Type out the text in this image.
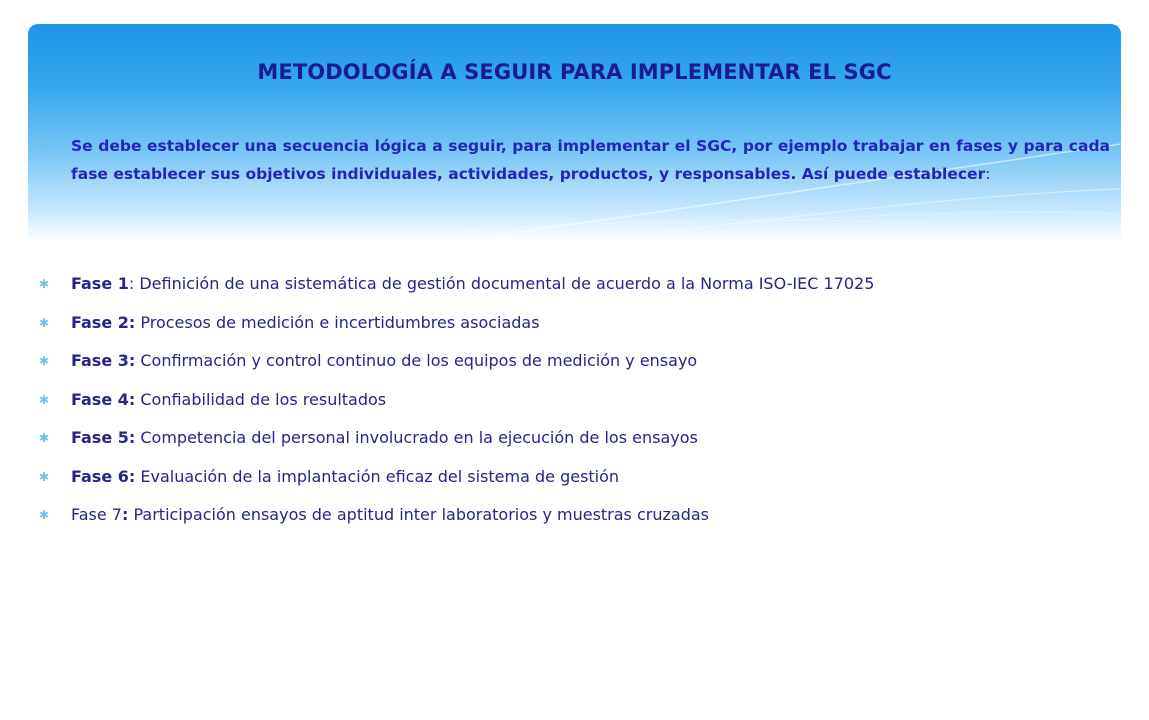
METODOLOGÍA A SEGUIR PARA IMPLEMENTAR EL SGC
✱ Se debe establecer una secuencia lógica a seguir, para implementar el SGC, por ejemplo trabajar en fases y para cada fase establecer sus objetivos individuales, actividades, productos, y responsables. Así puede establecer:
✱ Fase 1: Definición de una sistemática de gestión documental de acuerdo a la Norma ISO-IEC 17025
✱ Fase 2: Procesos de medición e incertidumbres asociadas
✱ Fase 3: Confirmación y control continuo de los equipos de medición y ensayo
✱ Fase 4: Confiabilidad de los resultados
✱ Fase 5: Competencia del personal involucrado en la ejecución de los ensayos
✱ Fase 6: Evaluación de la implantación eficaz del sistema de gestión
✱ Fase 7: Participación ensayos de aptitud inter laboratorios y muestras cruzadas
